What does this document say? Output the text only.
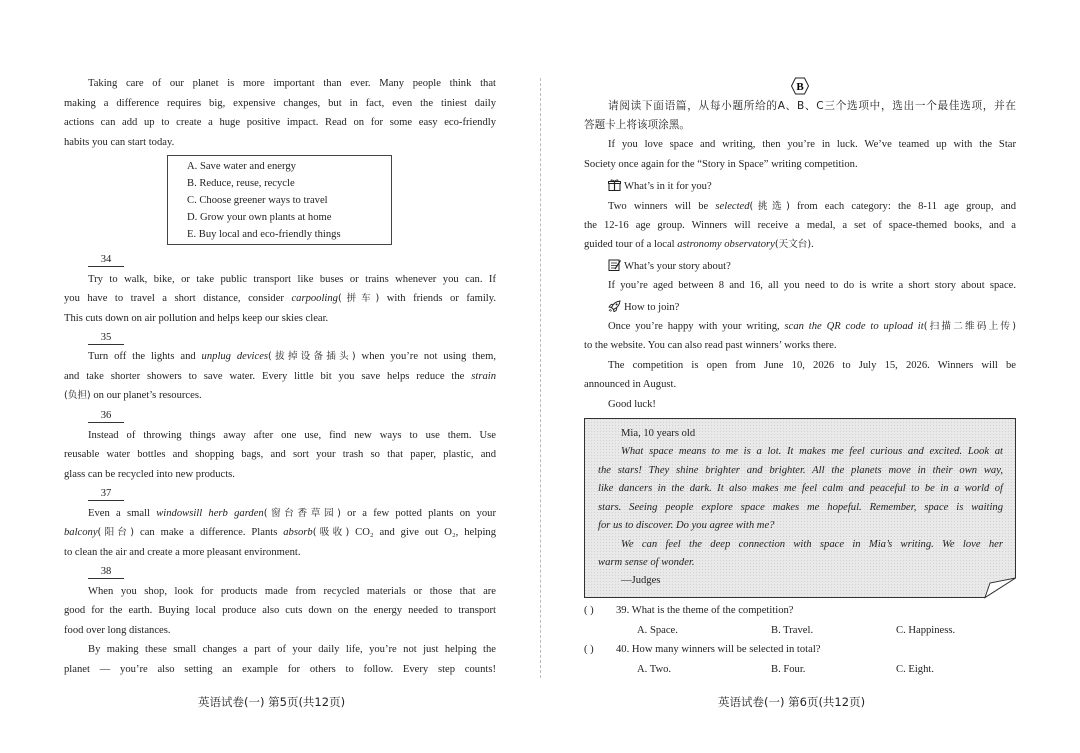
Taking care of our planet is more important than ever. Many people think that
making a difference requires big, expensive changes, but in fact, even the tiniest daily
actions can add up to create a huge positive impact. Read on for some easy eco-friendly
habits you can start today.
A. Save water and energy
B. Reduce, reuse, recycle
C. Choose greener ways to travel
D. Grow your own plants at home
E. Buy local and eco-friendly things
34
Try to walk, bike, or take public transport like buses or trains whenever you can. If
you have to travel a short distance, consider carpooling(拼车) with friends or family.
This cuts down on air pollution and helps keep our skies clear.
35
Turn off the lights and unplug devices(拔掉设备插头) when you’re not using them,
and take shorter showers to save water. Every little bit you save helps reduce the strain
(负担) on our planet’s resources.
36
Instead of throwing things away after one use, find new ways to use them. Use
reusable water bottles and shopping bags, and sort your trash so that paper, plastic, and
glass can be recycled into new products.
37
Even a small windowsill herb garden(窗台香草园) or a few potted plants on your
balcony(阳台) can make a difference. Plants absorb(吸收) CO₂ and give out O₂, helping
to clean the air and create a more pleasant environment.
38
When you shop, look for products made from recycled materials or those that are
good for the earth. Buying local produce also cuts down on the energy needed to transport
food over long distances.
By making these small changes a part of your daily life, you’re not just helping the
planet — you’re also setting an example for others to follow. Every step counts!
英语试卷(一) 第5页(共12页)
B
请阅读下面语篇，从每小题所给的A、B、C三个选项中，选出一个最佳选项，并在
答题卡上将该项涂黑。
If you love space and writing, then you’re in luck. We’ve teamed up with the Star
Society once again for the “Story in Space” writing competition.
What’s in it for you?
Two winners will be selected(挑选) from each category: the 8-11 age group, and
the 12-16 age group. Winners will receive a medal, a set of space-themed books, and a
guided tour of a local astronomy observatory(天文台).
What’s your story about?
If you’re aged between 8 and 16, all you need to do is write a short story about space.
How to join?
Once you’re happy with your writing, scan the QR code to upload it(扫描二维码上传)
to the website. You can also read past winners’ works there.
The competition is open from June 10, 2026 to July 15, 2026. Winners will be
announced in August.
Good luck!
Mia, 10 years old
What space means to me is a lot. It makes me feel curious and excited. Look at
the stars! They shine brighter and brighter. All the planets move in their own way,
like dancers in the dark. It also makes me feel calm and peaceful to be in a world of
stars. Seeing people explore space makes me hopeful. Remember, space is waiting
for us to discover. Do you agree with me?
We can feel the deep connection with space in Mia’s writing. We love her
warm sense of wonder.
—Judges
( ) 39. What is the theme of the competition?
A. Space.	B. Travel.	C. Happiness.
( ) 40. How many winners will be selected in total?
A. Two.	B. Four.	C. Eight.
英语试卷(一) 第6页(共12页)
